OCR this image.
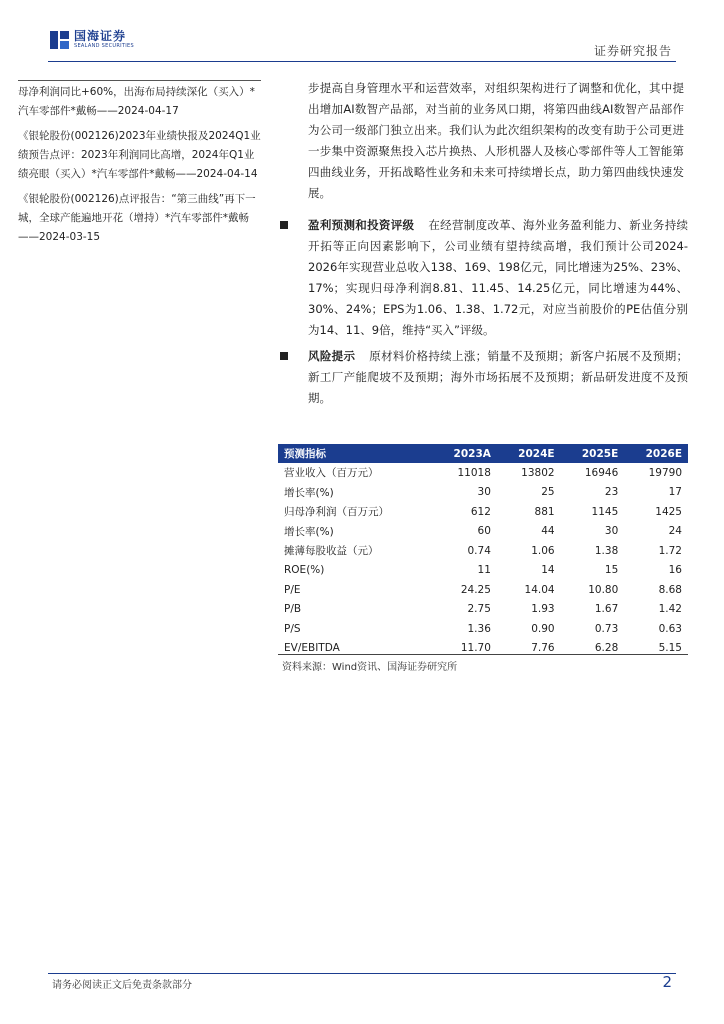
国海证券
SEALAND SECURITIES	证券研究报告

母净利润同比+60%，出海布局持续深化（买入）*汽车零部件*戴畅——2024-04-17

《银轮股份(002126)2023年业绩快报及2024Q1业绩预告点评：2023年利润同比高增，2024年Q1业绩亮眼（买入）*汽车零部件*戴畅——2024-04-14

《银轮股份(002126)点评报告：“第三曲线”再下一城，全球产能遍地开花（增持）*汽车零部件*戴畅——2024-03-15

步提高自身管理水平和运营效率，对组织架构进行了调整和优化，其中提出增加AI数智产品部，对当前的业务风口期，将第四曲线AI数智产品部作为公司一级部门独立出来。我们认为此次组织架构的改变有助于公司更进一步集中资源聚焦投入芯片换热、人形机器人及核心零部件等人工智能第四曲线业务，开拓战略性业务和未来可持续增长点，助力第四曲线快速发展。

盈利预测和投资评级 在经营制度改革、海外业务盈利能力、新业务持续开拓等正向因素影响下，公司业绩有望持续高增，我们预计公司2024-2026年实现营业总收入138、169、198亿元，同比增速为25%、23%、17%；实现归母净利润8.81、11.45、14.25亿元，同比增速为44%、30%、24%；EPS为1.06、1.38、1.72元，对应当前股价的PE估值分别为14、11、9倍，维持“买入”评级。
风险提示 原材料价格持续上涨；销量不及预期；新客户拓展不及预期；新工厂产能爬坡不及预期；海外市场拓展不及预期；新品研发进度不及预期。
预测指标	2023A	2024E	2025E	2026E
营业收入（百万元）	11018	13802	16946	19790
增长率(%)	30	25	23	17
归母净利润（百万元）	612	881	1145	1425
增长率(%)	60	44	30	24
摊薄每股收益（元）	0.74	1.06	1.38	1.72
ROE(%)	11	14	15	16
P/E	24.25	14.04	10.80	8.68
P/B	2.75	1.93	1.67	1.42
P/S	1.36	0.90	0.73	0.63
EV/EBITDA	11.70	7.76	6.28	5.15
资料来源：Wind资讯、国海证券研究所
请务必阅读正文后免责条款部分	2
